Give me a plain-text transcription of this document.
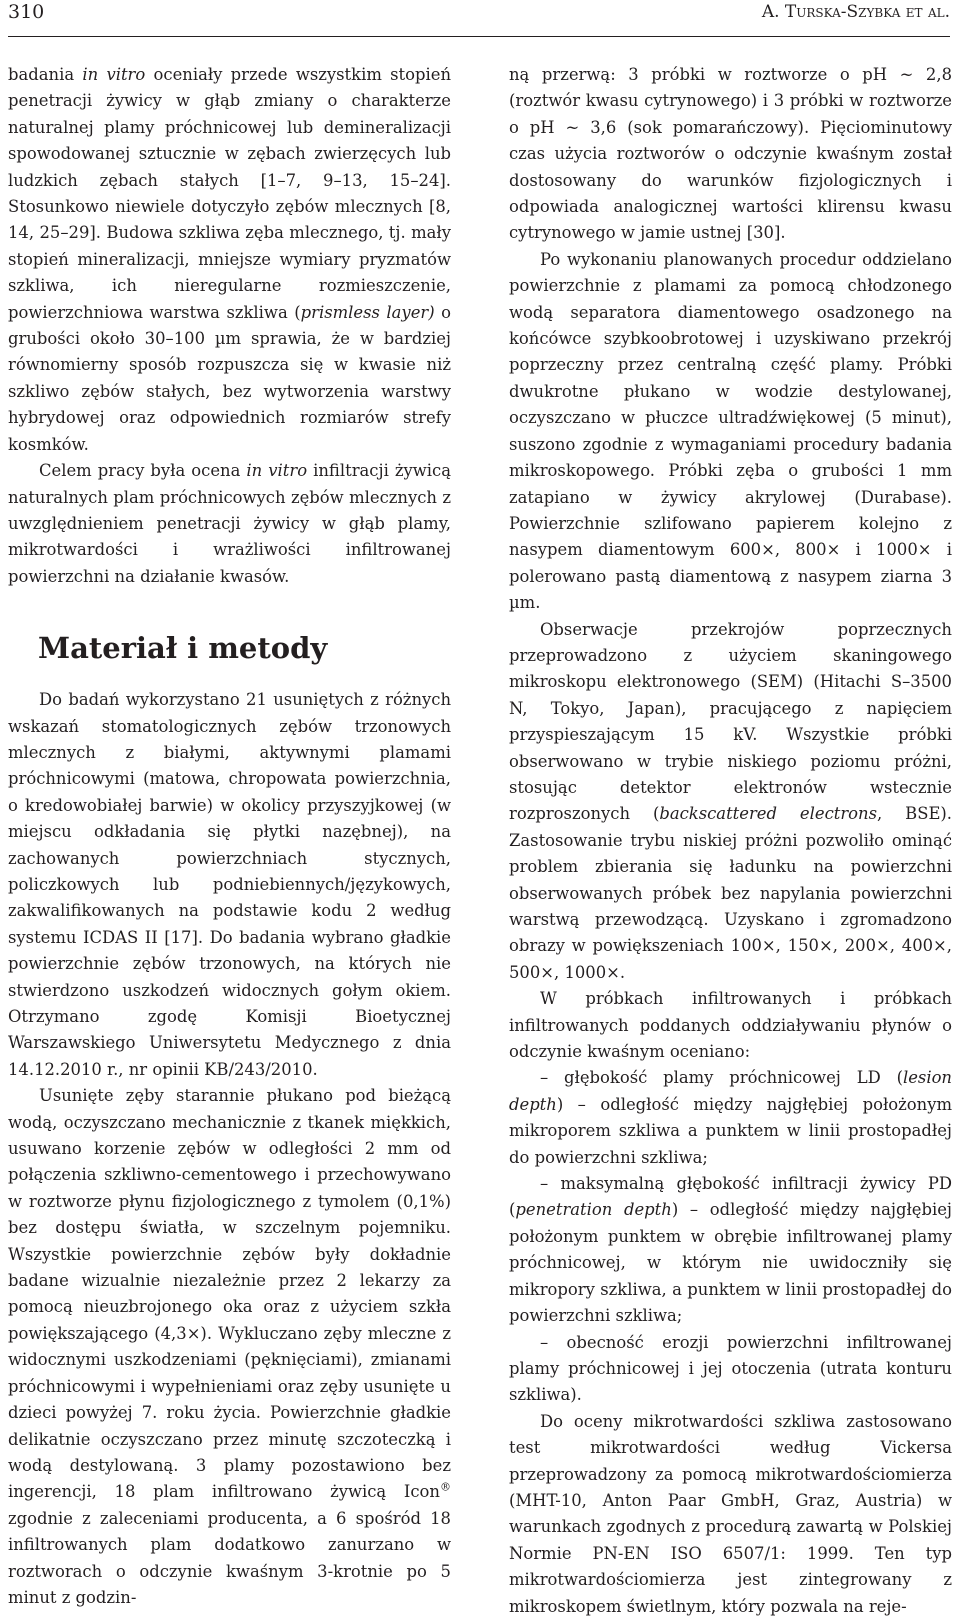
310	A. Turska-Szybka et al.

badania in vitro oceniały przede wszystkim stopień penetracji żywicy w głąb zmiany o charakterze naturalnej plamy próchnicowej lub demineralizacji spowodowanej sztucznie w zębach zwierzęcych lub ludzkich zębach stałych [1–7, 9–13, 15–24]. Stosunkowo niewiele dotyczyło zębów mlecznych [8, 14, 25–29]. Budowa szkliwa zęba mlecznego, tj. mały stopień mineralizacji, mniejsze wymiary pryzmatów szkliwa, ich nieregularne rozmieszczenie, powierzchniowa warstwa szkliwa (prismless layer) o grubości około 30–100 µm sprawia, że w bardziej równomierny sposób rozpuszcza się w kwasie niż szkliwo zębów stałych, bez wytworzenia warstwy hybrydowej oraz odpowiednich rozmiarów strefy kosmków.

Celem pracy była ocena in vitro infiltracji żywicą naturalnych plam próchnicowych zębów mlecznych z uwzględnieniem penetracji żywicy w głąb plamy, mikrotwardości i wrażliwości infiltrowanej powierzchni na działanie kwasów.

Materiał i metody

Do badań wykorzystano 21 usuniętych z różnych wskazań stomatologicznych zębów trzonowych mlecznych z białymi, aktywnymi plamami próchnicowymi (matowa, chropowata powierzchnia, o kredowobiałej barwie) w okolicy przyszyjkowej (w miejscu odkładania się płytki nazębnej), na zachowanych powierzchniach stycznych, policzkowych lub podniebiennych/językowych, zakwalifikowanych na podstawie kodu 2 według systemu ICDAS II [17]. Do badania wybrano gładkie powierzchnie zębów trzonowych, na których nie stwierdzono uszkodzeń widocznych gołym okiem. Otrzymano zgodę Komisji Bioetycznej Warszawskiego Uniwersytetu Medycznego z dnia 14.12.2010 r., nr opinii KB/243/2010.

Usunięte zęby starannie płukano pod bieżącą wodą, oczyszczano mechanicznie z tkanek miękkich, usuwano korzenie zębów w odległości 2 mm od połączenia szkliwno-cementowego i przechowywano w roztworze płynu fizjologicznego z tymolem (0,1%) bez dostępu światła, w szczelnym pojemniku. Wszystkie powierzchnie zębów były dokładnie badane wizualnie niezależnie przez 2 lekarzy za pomocą nieuzbrojonego oka oraz z użyciem szkła powiększającego (4,3×). Wykluczano zęby mleczne z widocznymi uszkodzeniami (pęknięciami), zmianami próchnicowymi i wypełnieniami oraz zęby usunięte u dzieci powyżej 7. roku życia. Powierzchnie gładkie delikatnie oczyszczano przez minutę szczoteczką i wodą destylowaną. 3 plamy pozostawiono bez ingerencji, 18 plam infiltrowano żywicą Icon® zgodnie z zaleceniami producenta, a 6 spośród 18 infiltrowanych plam dodatkowo zanurzano w roztworach o odczynie kwaśnym 3-krotnie po 5 minut z godzin-

ną przerwą: 3 próbki w roztworze o pH ~ 2,8 (roztwór kwasu cytrynowego) i 3 próbki w roztworze o pH ~ 3,6 (sok pomarańczowy). Pięciominutowy czas użycia roztworów o odczynie kwaśnym został dostosowany do warunków fizjologicznych i odpowiada analogicznej wartości klirensu kwasu cytrynowego w jamie ustnej [30].

Po wykonaniu planowanych procedur oddzielano powierzchnie z plamami za pomocą chłodzonego wodą separatora diamentowego osadzonego na końcówce szybkoobrotowej i uzyskiwano przekrój poprzeczny przez centralną część plamy. Próbki dwukrotne płukano w wodzie destylowanej, oczyszczano w płuczce ultradźwiękowej (5 minut), suszono zgodnie z wymaganiami procedury badania mikroskopowego. Próbki zęba o grubości 1 mm zatapiano w żywicy akrylowej (Durabase). Powierzchnie szlifowano papierem kolejno z nasypem diamentowym 600×, 800× i 1000× i polerowano pastą diamentową z nasypem ziarna 3 µm.

Obserwacje przekrojów poprzecznych przeprowadzono z użyciem skaningowego mikroskopu elektronowego (SEM) (Hitachi S–3500 N, Tokyo, Japan), pracującego z napięciem przyspieszającym 15 kV. Wszystkie próbki obserwowano w trybie niskiego poziomu próżni, stosując detektor elektronów wstecznie rozproszonych (backscattered electrons, BSE). Zastosowanie trybu niskiej próżni pozwoliło ominąć problem zbierania się ładunku na powierzchni obserwowanych próbek bez napylania powierzchni warstwą przewodzącą. Uzyskano i zgromadzono obrazy w powiększeniach 100×, 150×, 200×, 400×, 500×, 1000×.

W próbkach infiltrowanych i próbkach infiltrowanych poddanych oddziaływaniu płynów o odczynie kwaśnym oceniano:

– głębokość plamy próchnicowej LD (lesion depth) – odległość między najgłębiej położonym mikroporem szkliwa a punktem w linii prostopadłej do powierzchni szkliwa;

– maksymalną głębokość infiltracji żywicy PD (penetration depth) – odległość między najgłębiej położonym punktem w obrębie infiltrowanej plamy próchnicowej, w którym nie uwidoczniły się mikropory szkliwa, a punktem w linii prostopadłej do powierzchni szkliwa;

– obecność erozji powierzchni infiltrowanej plamy próchnicowej i jej otoczenia (utrata konturu szkliwa).

Do oceny mikrotwardości szkliwa zastosowano test mikrotwardości według Vickersa przeprowadzony za pomocą mikrotwardościomierza (MHT-10, Anton Paar GmbH, Graz, Austria) w warunkach zgodnych z procedurą zawartą w Polskiej Normie PN-EN ISO 6507/1: 1999. Ten typ mikrotwardościomierza jest zintegrowany z mikroskopem świetlnym, który pozwala na reje-
